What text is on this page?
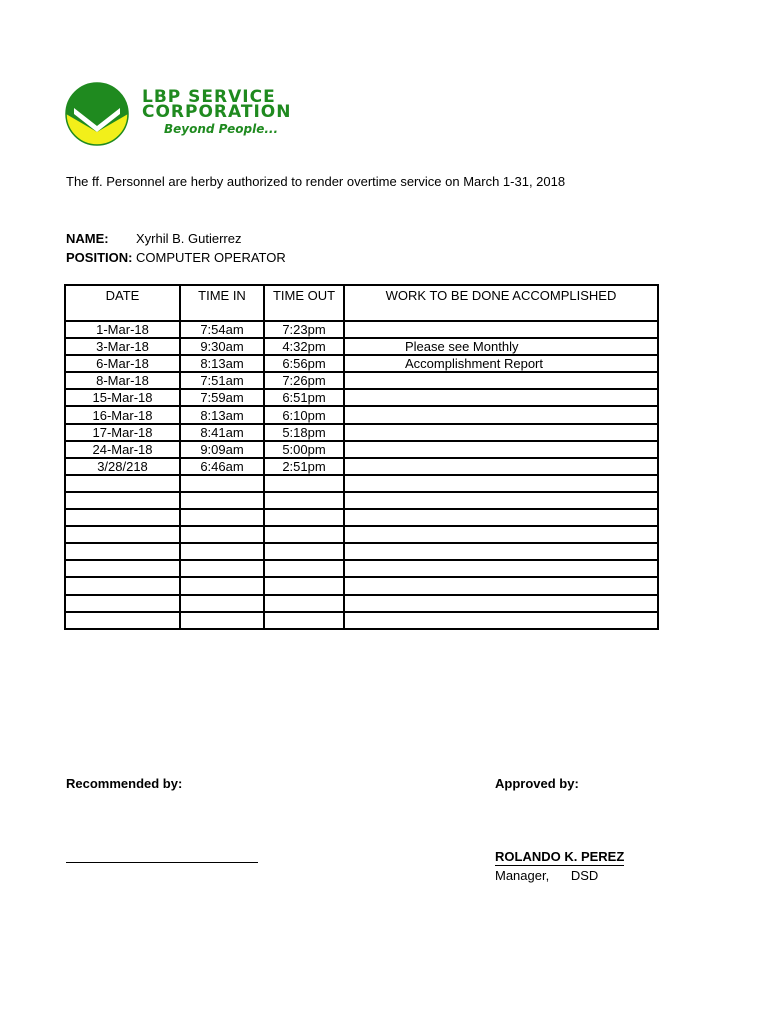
LBP SERVICE
CORPORATION
Beyond People...
The ff. Personnel are herby authorized to render overtime service on March 1-31, 2018
NAME: Xyrhil B. Gutierrez
POSITION: COMPUTER OPERATOR
DATE	TIME IN	TIME OUT	WORK TO BE DONE ACCOMPLISHED
1-Mar-18	7:54am	7:23pm	
3-Mar-18	9:30am	4:32pm	Please see Monthly
6-Mar-18	8:13am	6:56pm	Accomplishment Report
8-Mar-18	7:51am	7:26pm	
15-Mar-18	7:59am	6:51pm	
16-Mar-18	8:13am	6:10pm	
17-Mar-18	8:41am	5:18pm	
24-Mar-18	9:09am	5:00pm	
3/28/218	6:46am	2:51pm	

Recommended by:	Approved by:
ROLANDO K. PEREZ
Manager,      DSD
